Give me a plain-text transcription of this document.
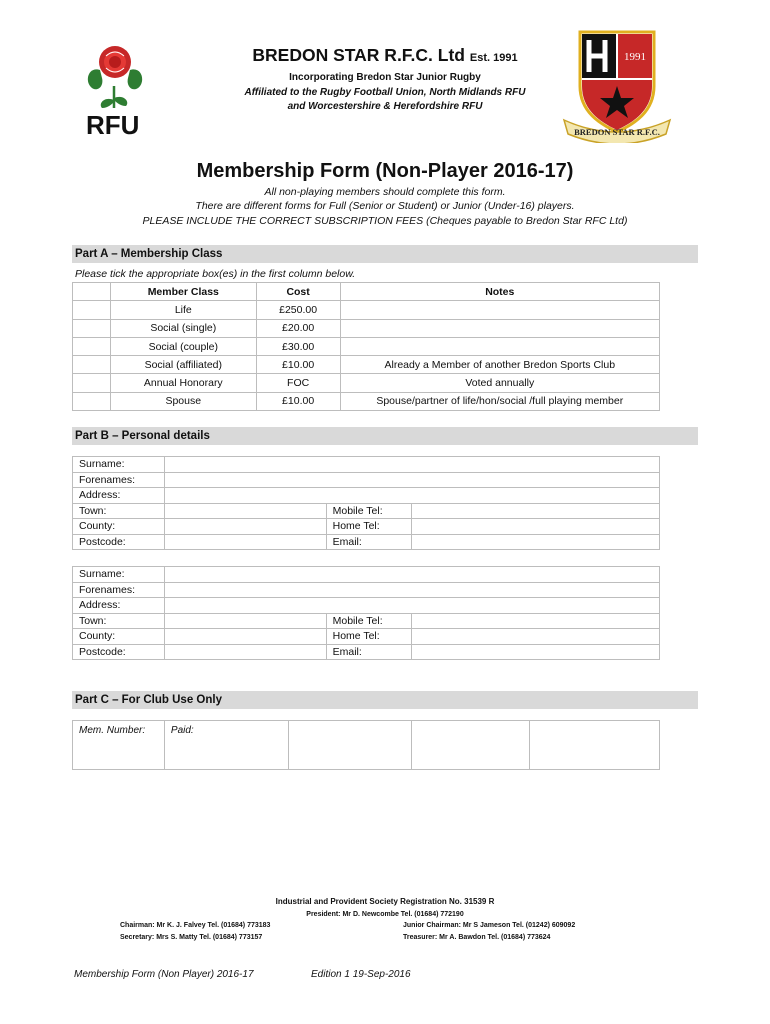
RFU
1991
BREDON STAR R.F.C.
BREDON STAR R.F.C. Ltd Est. 1991
Incorporating Bredon Star Junior Rugby
Affiliated to the Rugby Football Union, North Midlands RFU
and Worcestershire & Herefordshire RFU
Membership Form (Non-Player 2016-17)
All non-playing members should complete this form.
There are different forms for Full (Senior or Student) or Junior (Under-16) players.
PLEASE INCLUDE THE CORRECT SUBSCRIPTION FEES (Cheques payable to Bredon Star RFC Ltd)
Part A – Membership Class
Please tick the appropriate box(es) in the first column below.
	Member Class	Cost	Notes
	Life	£250.00	
	Social (single)	£20.00	
	Social (couple)	£30.00	
	Social (affiliated)	£10.00	Already a Member of another Bredon Sports Club
	Annual Honorary	FOC	Voted annually
	Spouse	£10.00	Spouse/partner of life/hon/social /full playing member
Part B – Personal details
Surname:			
Forenames:			
Address:			
Town:		Mobile Tel:	
County:		Home Tel:	
Postcode:		Email:	
Surname:			
Forenames:			
Address:			
Town:		Mobile Tel:	
County:		Home Tel:	
Postcode:		Email:	
Part C – For Club Use Only
Mem. Number:	Paid:			
Industrial and Provident Society Registration No. 31539 R
President: Mr D. Newcombe Tel. (01684) 772190
Chairman: Mr K. J. Falvey Tel. (01684) 773183	Junior Chairman: Mr S Jameson Tel. (01242) 609092
Secretary: Mrs S. Matty Tel. (01684) 773157	Treasurer: Mr A. Bawdon Tel. (01684) 773624
Membership Form (Non Player) 2016-17	Edition 1 19-Sep-2016
